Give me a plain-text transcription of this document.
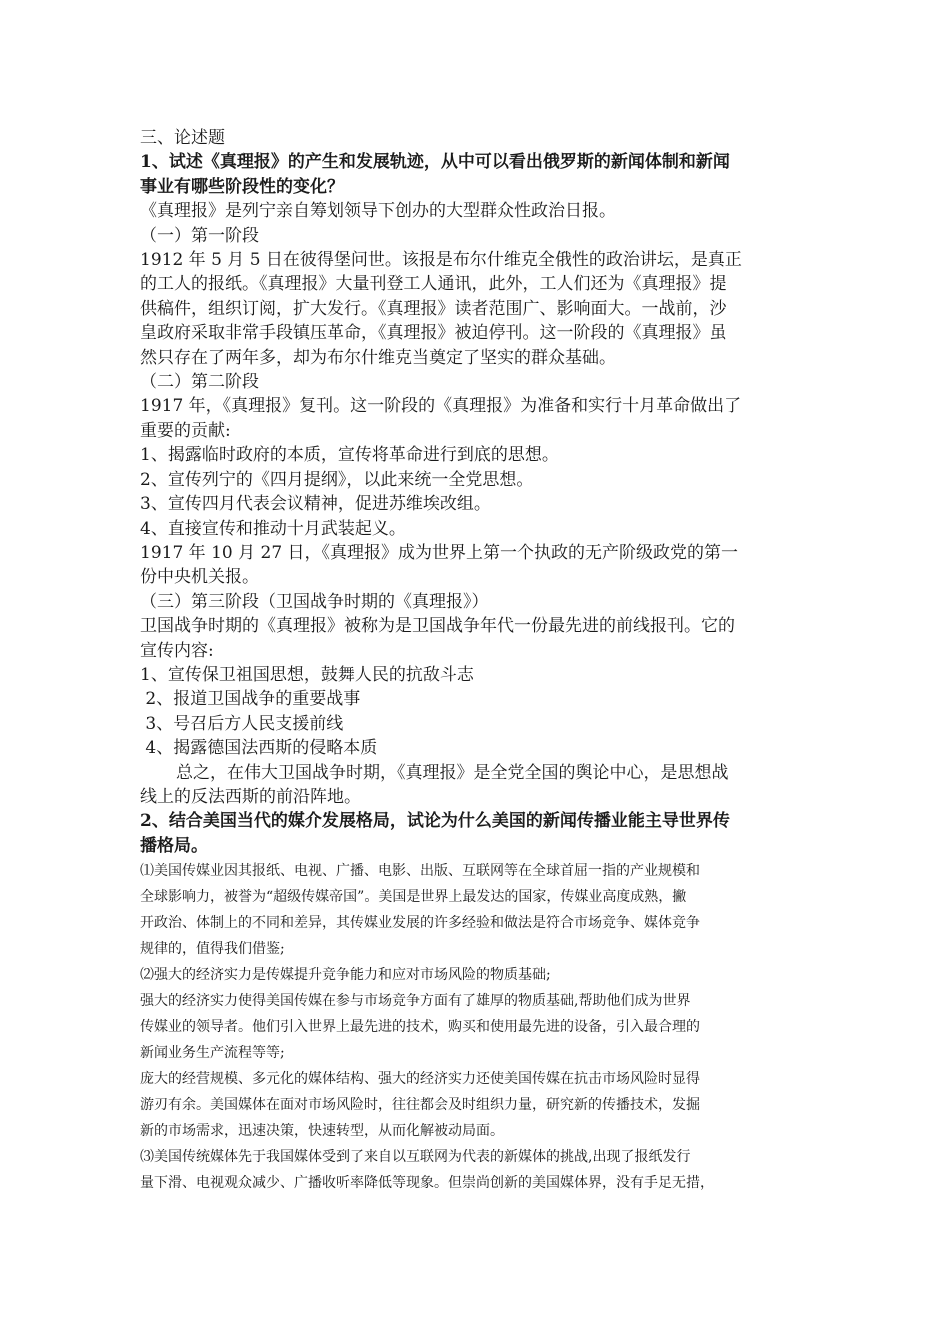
三、论述题
1、试述《真理报》的产生和发展轨迹，从中可以看出俄罗斯的新闻体制和新闻
事业有哪些阶段性的变化？
《真理报》是列宁亲自筹划领导下创办的大型群众性政治日报。
（一）第一阶段
1912 年 5 月 5 日在彼得堡问世。该报是布尔什维克全俄性的政治讲坛，是真正
的工人的报纸。《真理报》大量刊登工人通讯，此外，工人们还为《真理报》提
供稿件，组织订阅，扩大发行。《真理报》读者范围广、影响面大。一战前，沙
皇政府采取非常手段镇压革命，《真理报》被迫停刊。这一阶段的《真理报》虽
然只存在了两年多，却为布尔什维克当奠定了坚实的群众基础。
（二）第二阶段
1917 年，《真理报》复刊。这一阶段的《真理报》为准备和实行十月革命做出了
重要的贡献:
1、揭露临时政府的本质，宣传将革命进行到底的思想。
2、宣传列宁的《四月提纲》，以此来统一全党思想。
3、宣传四月代表会议精神，促进苏维埃改组。
4、直接宣传和推动十月武装起义。
1917 年 10 月 27 日，《真理报》成为世界上第一个执政的无产阶级政党的第一
份中央机关报。
（三）第三阶段（卫国战争时期的《真理报》）
卫国战争时期的《真理报》被称为是卫国战争年代一份最先进的前线报刊。它的
宣传内容:
1、宣传保卫祖国思想，鼓舞人民的抗敌斗志
2、报道卫国战争的重要战事
3、号召后方人民支援前线
4、揭露德国法西斯的侵略本质
总之，在伟大卫国战争时期，《真理报》是全党全国的舆论中心，是思想战
线上的反法西斯的前沿阵地。
2、结合美国当代的媒介发展格局，试论为什么美国的新闻传播业能主导世界传
播格局。
⑴美国传媒业因其报纸、电视、广播、电影、出版、互联网等在全球首屈一指的产业规模和
全球影响力，被誉为“超级传媒帝国”。美国是世界上最发达的国家，传媒业高度成熟，撇
开政治、体制上的不同和差异，其传媒业发展的许多经验和做法是符合市场竞争、媒体竞争
规律的，值得我们借鉴;
⑵强大的经济实力是传媒提升竞争能力和应对市场风险的物质基础;
强大的经济实力使得美国传媒在参与市场竞争方面有了雄厚的物质基础,帮助他们成为世界
传媒业的领导者。他们引入世界上最先进的技术，购买和使用最先进的设备，引入最合理的
新闻业务生产流程等等;
庞大的经营规模、多元化的媒体结构、强大的经济实力还使美国传媒在抗击市场风险时显得
游刃有余。美国媒体在面对市场风险时，往往都会及时组织力量，研究新的传播技术，发掘
新的市场需求，迅速决策，快速转型，从而化解被动局面。
⑶美国传统媒体先于我国媒体受到了来自以互联网为代表的新媒体的挑战,出现了报纸发行
量下滑、电视观众减少、广播收听率降低等现象。但崇尚创新的美国媒体界，没有手足无措，
